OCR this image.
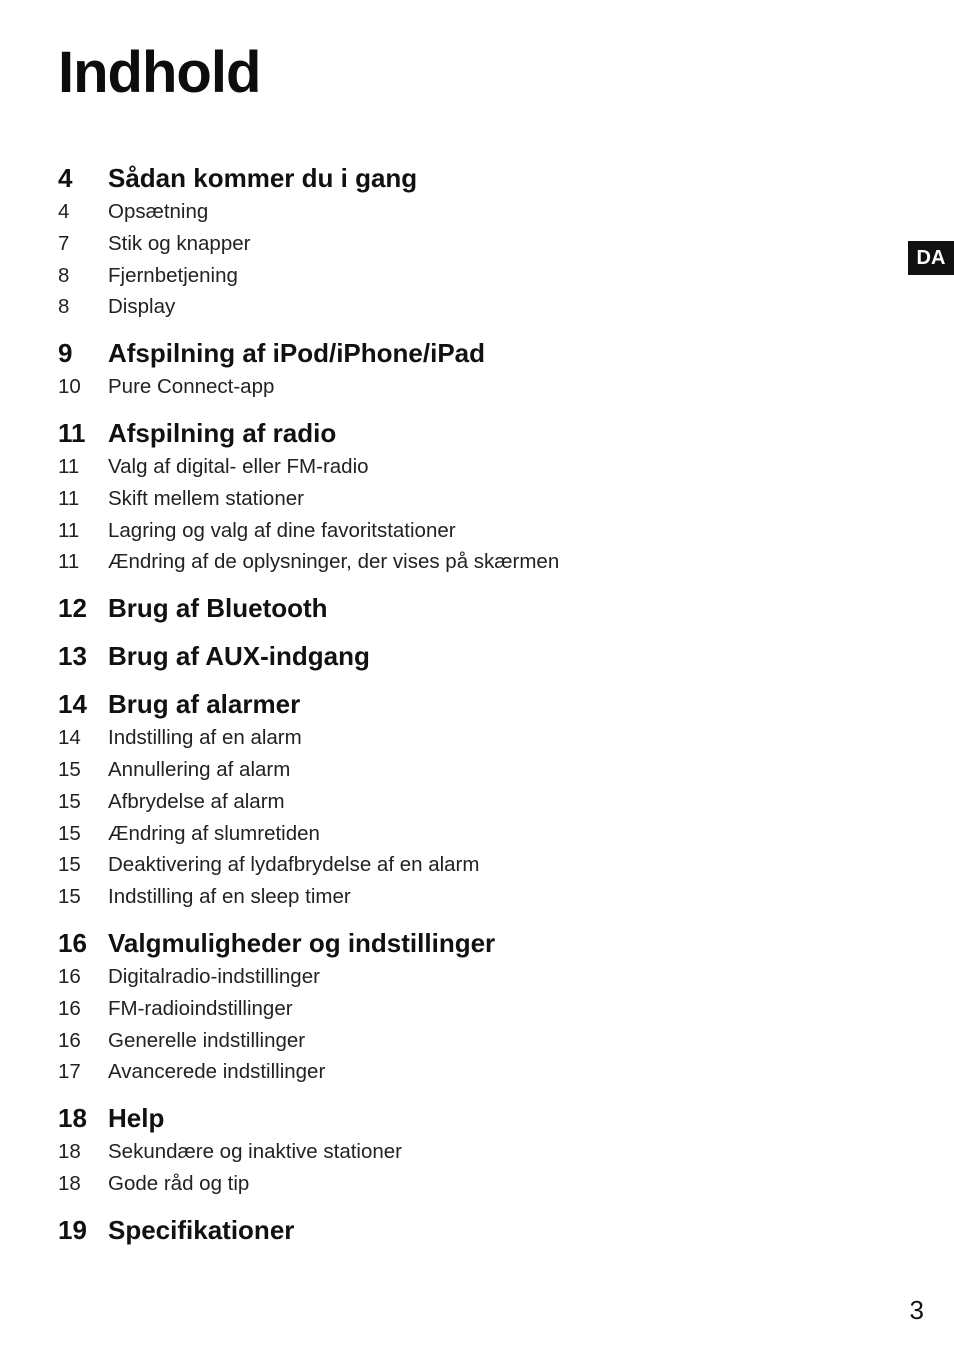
Indhold
DA
4	Sådan kommer du i gang
4	Opsætning
7	Stik og knapper
8	Fjernbetjening
8	Display
9	Afspilning af iPod/iPhone/iPad
10	Pure Connect-app
11 Afspilning af radio
11	Valg af digital- eller FM-radio
11	Skift mellem stationer
11	Lagring og valg af dine favoritstationer
11	Ændring af de oplysninger, der vises på skærmen
12 Brug af Bluetooth
13 Brug af AUX-indgang
14 Brug af alarmer
14	Indstilling af en alarm
15	Annullering af alarm
15	Afbrydelse af alarm
15	Ændring af slumretiden
15	Deaktivering af lydafbrydelse af en alarm
15	Indstilling af en sleep timer
16 Valgmuligheder og indstillinger
16	Digitalradio-indstillinger
16	FM-radioindstillinger
16	Generelle indstillinger
17	Avancerede indstillinger
18 Help
18	Sekundære og inaktive stationer
18	Gode råd og tip
19 Specifikationer
3
